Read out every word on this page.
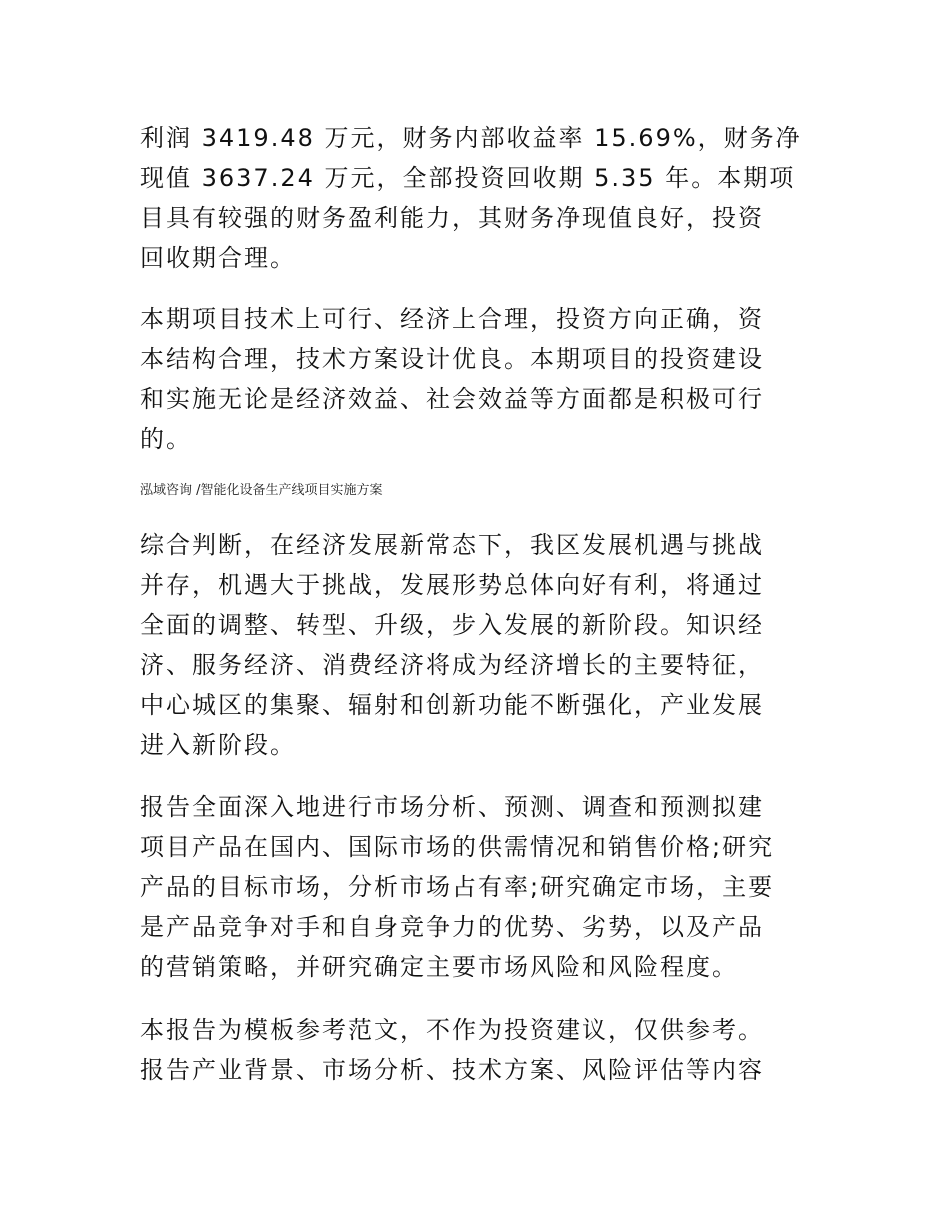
利润 3419.48 万元，财务内部收益率 15.69%，财务净
现值 3637.24 万元，全部投资回收期 5.35 年。本期项
目具有较强的财务盈利能力，其财务净现值良好，投资
回收期合理。
本期项目技术上可行、经济上合理，投资方向正确，资
本结构合理，技术方案设计优良。本期项目的投资建设
和实施无论是经济效益、社会效益等方面都是积极可行
的。
泓域咨询 /智能化设备生产线项目实施方案
综合判断，在经济发展新常态下，我区发展机遇与挑战
并存，机遇大于挑战，发展形势总体向好有利，将通过
全面的调整、转型、升级，步入发展的新阶段。知识经
济、服务经济、消费经济将成为经济增长的主要特征，
中心城区的集聚、辐射和创新功能不断强化，产业发展
进入新阶段。
报告全面深入地进行市场分析、预测、调查和预测拟建
项目产品在国内、国际市场的供需情况和销售价格;研究
产品的目标市场，分析市场占有率;研究确定市场，主要
是产品竞争对手和自身竞争力的优势、劣势，以及产品
的营销策略，并研究确定主要市场风险和风险程度。
本报告为模板参考范文，不作为投资建议，仅供参考。
报告产业背景、市场分析、技术方案、风险评估等内容
